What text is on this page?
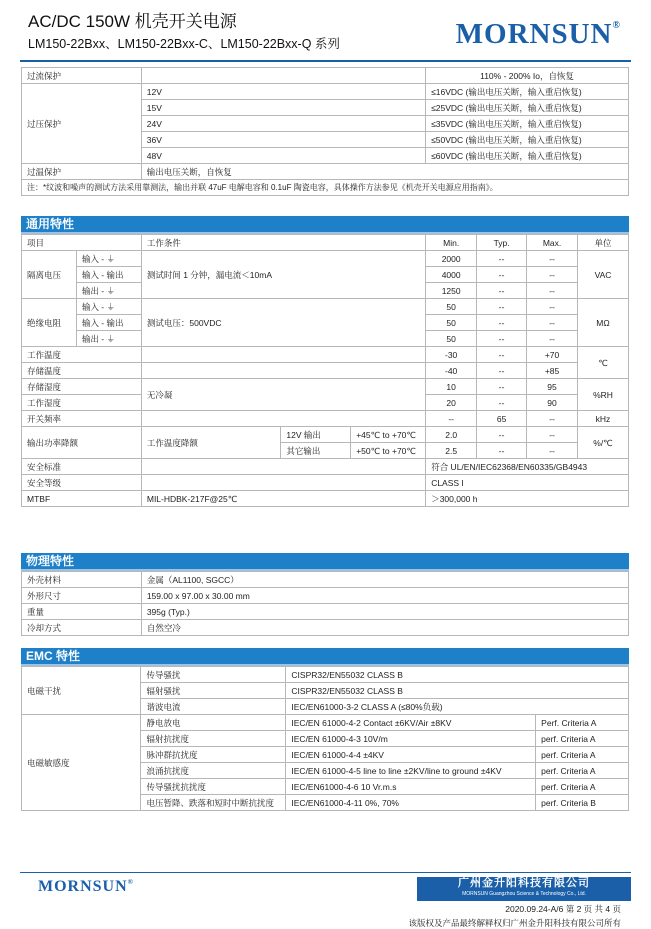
AC/DC 150W 机壳开关电源
LM150-22Bxx、LM150-22Bxx-C、LM150-22Bxx-Q 系列	MORNSUN®
过流保护		110% - 200% Io，自恢复
过压保护	12V	≤16VDC (输出电压关断，输入重启恢复)
	15V	≤25VDC (输出电压关断，输入重启恢复)
	24V	≤35VDC (输出电压关断，输入重启恢复)
	36V	≤50VDC (输出电压关断，输入重启恢复)
	48V	≤60VDC (输出电压关断，输入重启恢复)
过温保护	输出电压关断，自恢复	
注：*纹波和噪声的测试方法采用靠测法，输出并联 47uF 电解电容和 0.1uF 陶瓷电容，具体操作方法参见《机壳开关电源应用指南》。		
通用特性
项目		工作条件			Min.	Typ.	Max.	单位
隔离电压	输入 - ⏚	测试时间 1 分钟，漏电流＜10mA			2000	--	--	VAC
	输入 - 输出				4000	--	--	
	输出 - ⏚				1250	--	--	
绝缘电阻	输入 - ⏚	测试电压：500VDC			50	--	--	MΩ
	输入 - 输出				50	--	--	
	输出 - ⏚				50	--	--	
工作温度					-30	--	+70	℃
存储温度					-40	--	+85	
存储湿度		无冷凝			10	--	95	%RH
工作湿度					20	--	90	
开关频率					--	65	--	kHz
输出功率降额		工作温度降额	12V 输出	+45℃ to +70℃	2.0	--	--	%/℃
			其它输出	+50℃ to +70℃	2.5	--	--	
安全标准					符合 UL/EN/IEC62368/EN60335/GB4943			
安全等级					CLASS I			
MTBF		MIL-HDBK-217F@25℃			＞300,000 h			
物理特性
外壳材料	金属（AL1100, SGCC）
外形尺寸	159.00 x 97.00 x 30.00 mm
重量	395g (Typ.)
冷却方式	自然空冷
EMC 特性
电磁干扰	传导骚扰	CISPR32/EN55032 CLASS B	
	辐射骚扰	CISPR32/EN55032 CLASS B	
	谐波电流	IEC/EN61000-3-2 CLASS A (≤80%负载)	
电磁敏感度	静电放电	IEC/EN 61000-4-2 Contact ±6KV/Air ±8KV	Perf. Criteria A
	辐射抗扰度	IEC/EN 61000-4-3 10V/m	perf. Criteria A
	脉冲群抗扰度	IEC/EN 61000-4-4 ±4KV	perf. Criteria A
	浪涌抗扰度	IEC/EN 61000-4-5 line to line ±2KV/line to ground ±4KV	perf. Criteria A
	传导骚扰抗扰度	IEC/EN61000-4-6 10 Vr.m.s	perf. Criteria A
	电压暂降、跌落和短时中断抗扰度	IEC/EN61000-4-11 0%, 70%	perf. Criteria B
MORNSUN®	广州金升阳科技有限公司
MORNSUN Guangzhou Science & Technology Co., Ltd.
2020.09.24-A/6 第 2 页 共 4 页
该版权及产品最终解释权归广州金升阳科技有限公司所有
